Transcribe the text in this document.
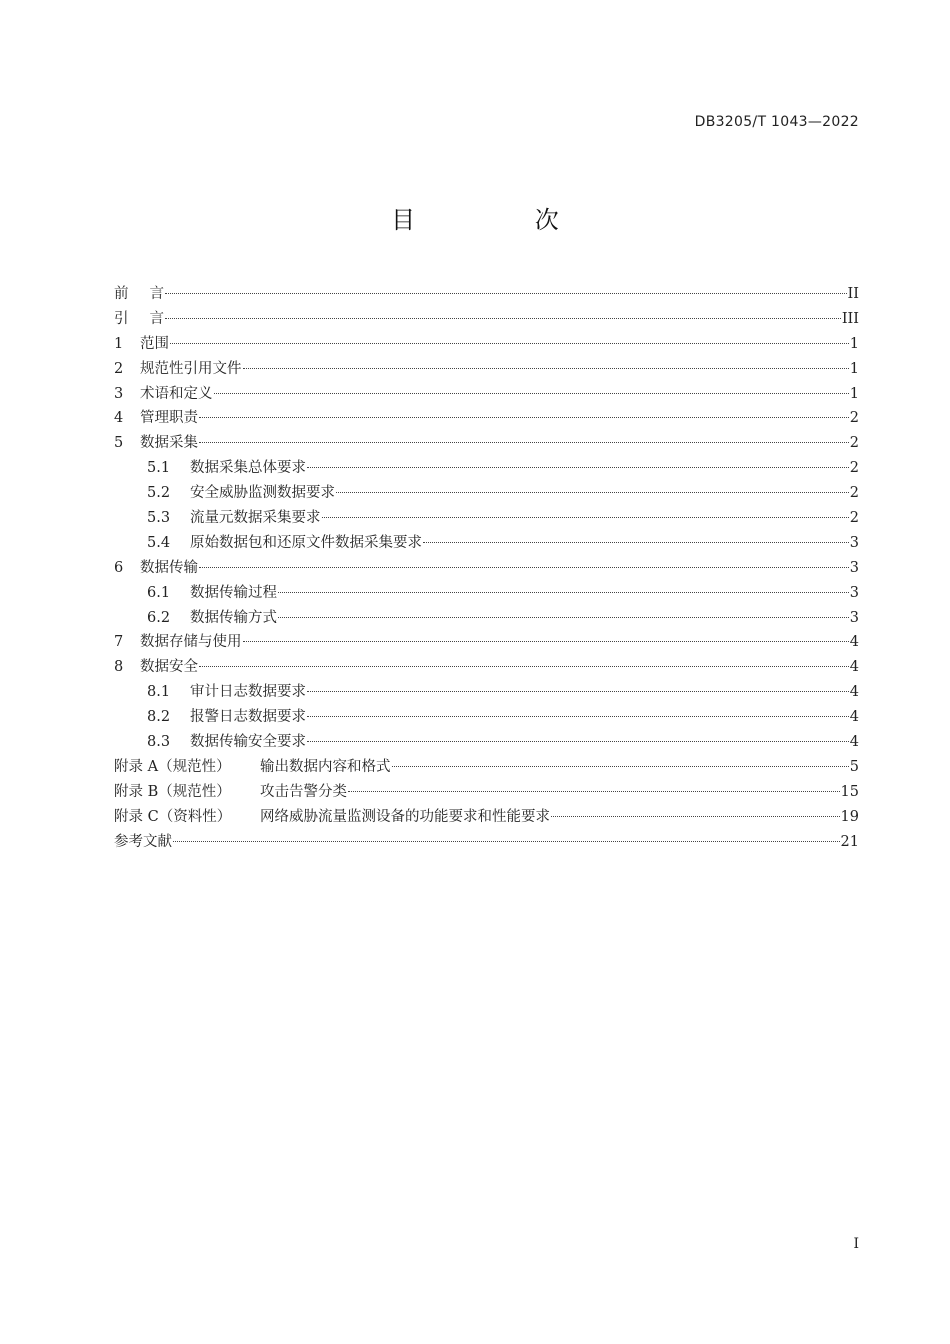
DB3205/T 1043—2022
目 次
前 言	II
引 言	III
1	范围	1
2	规范性引用文件	1
3	术语和定义	1
4	管理职责	2
5	数据采集	2
5.1	数据采集总体要求	2
5.2	安全威胁监测数据要求	2
5.3	流量元数据采集要求	2
5.4	原始数据包和还原文件数据采集要求	3
6	数据传输	3
6.1	数据传输过程	3
6.2	数据传输方式	3
7	数据存储与使用	4
8	数据安全	4
8.1	审计日志数据要求	4
8.2	报警日志数据要求	4
8.3	数据传输安全要求	4
附录 A（规范性）	输出数据内容和格式	5
附录 B（规范性）	攻击告警分类	15
附录 C（资料性）	网络威胁流量监测设备的功能要求和性能要求	19
参考文献	21
I
